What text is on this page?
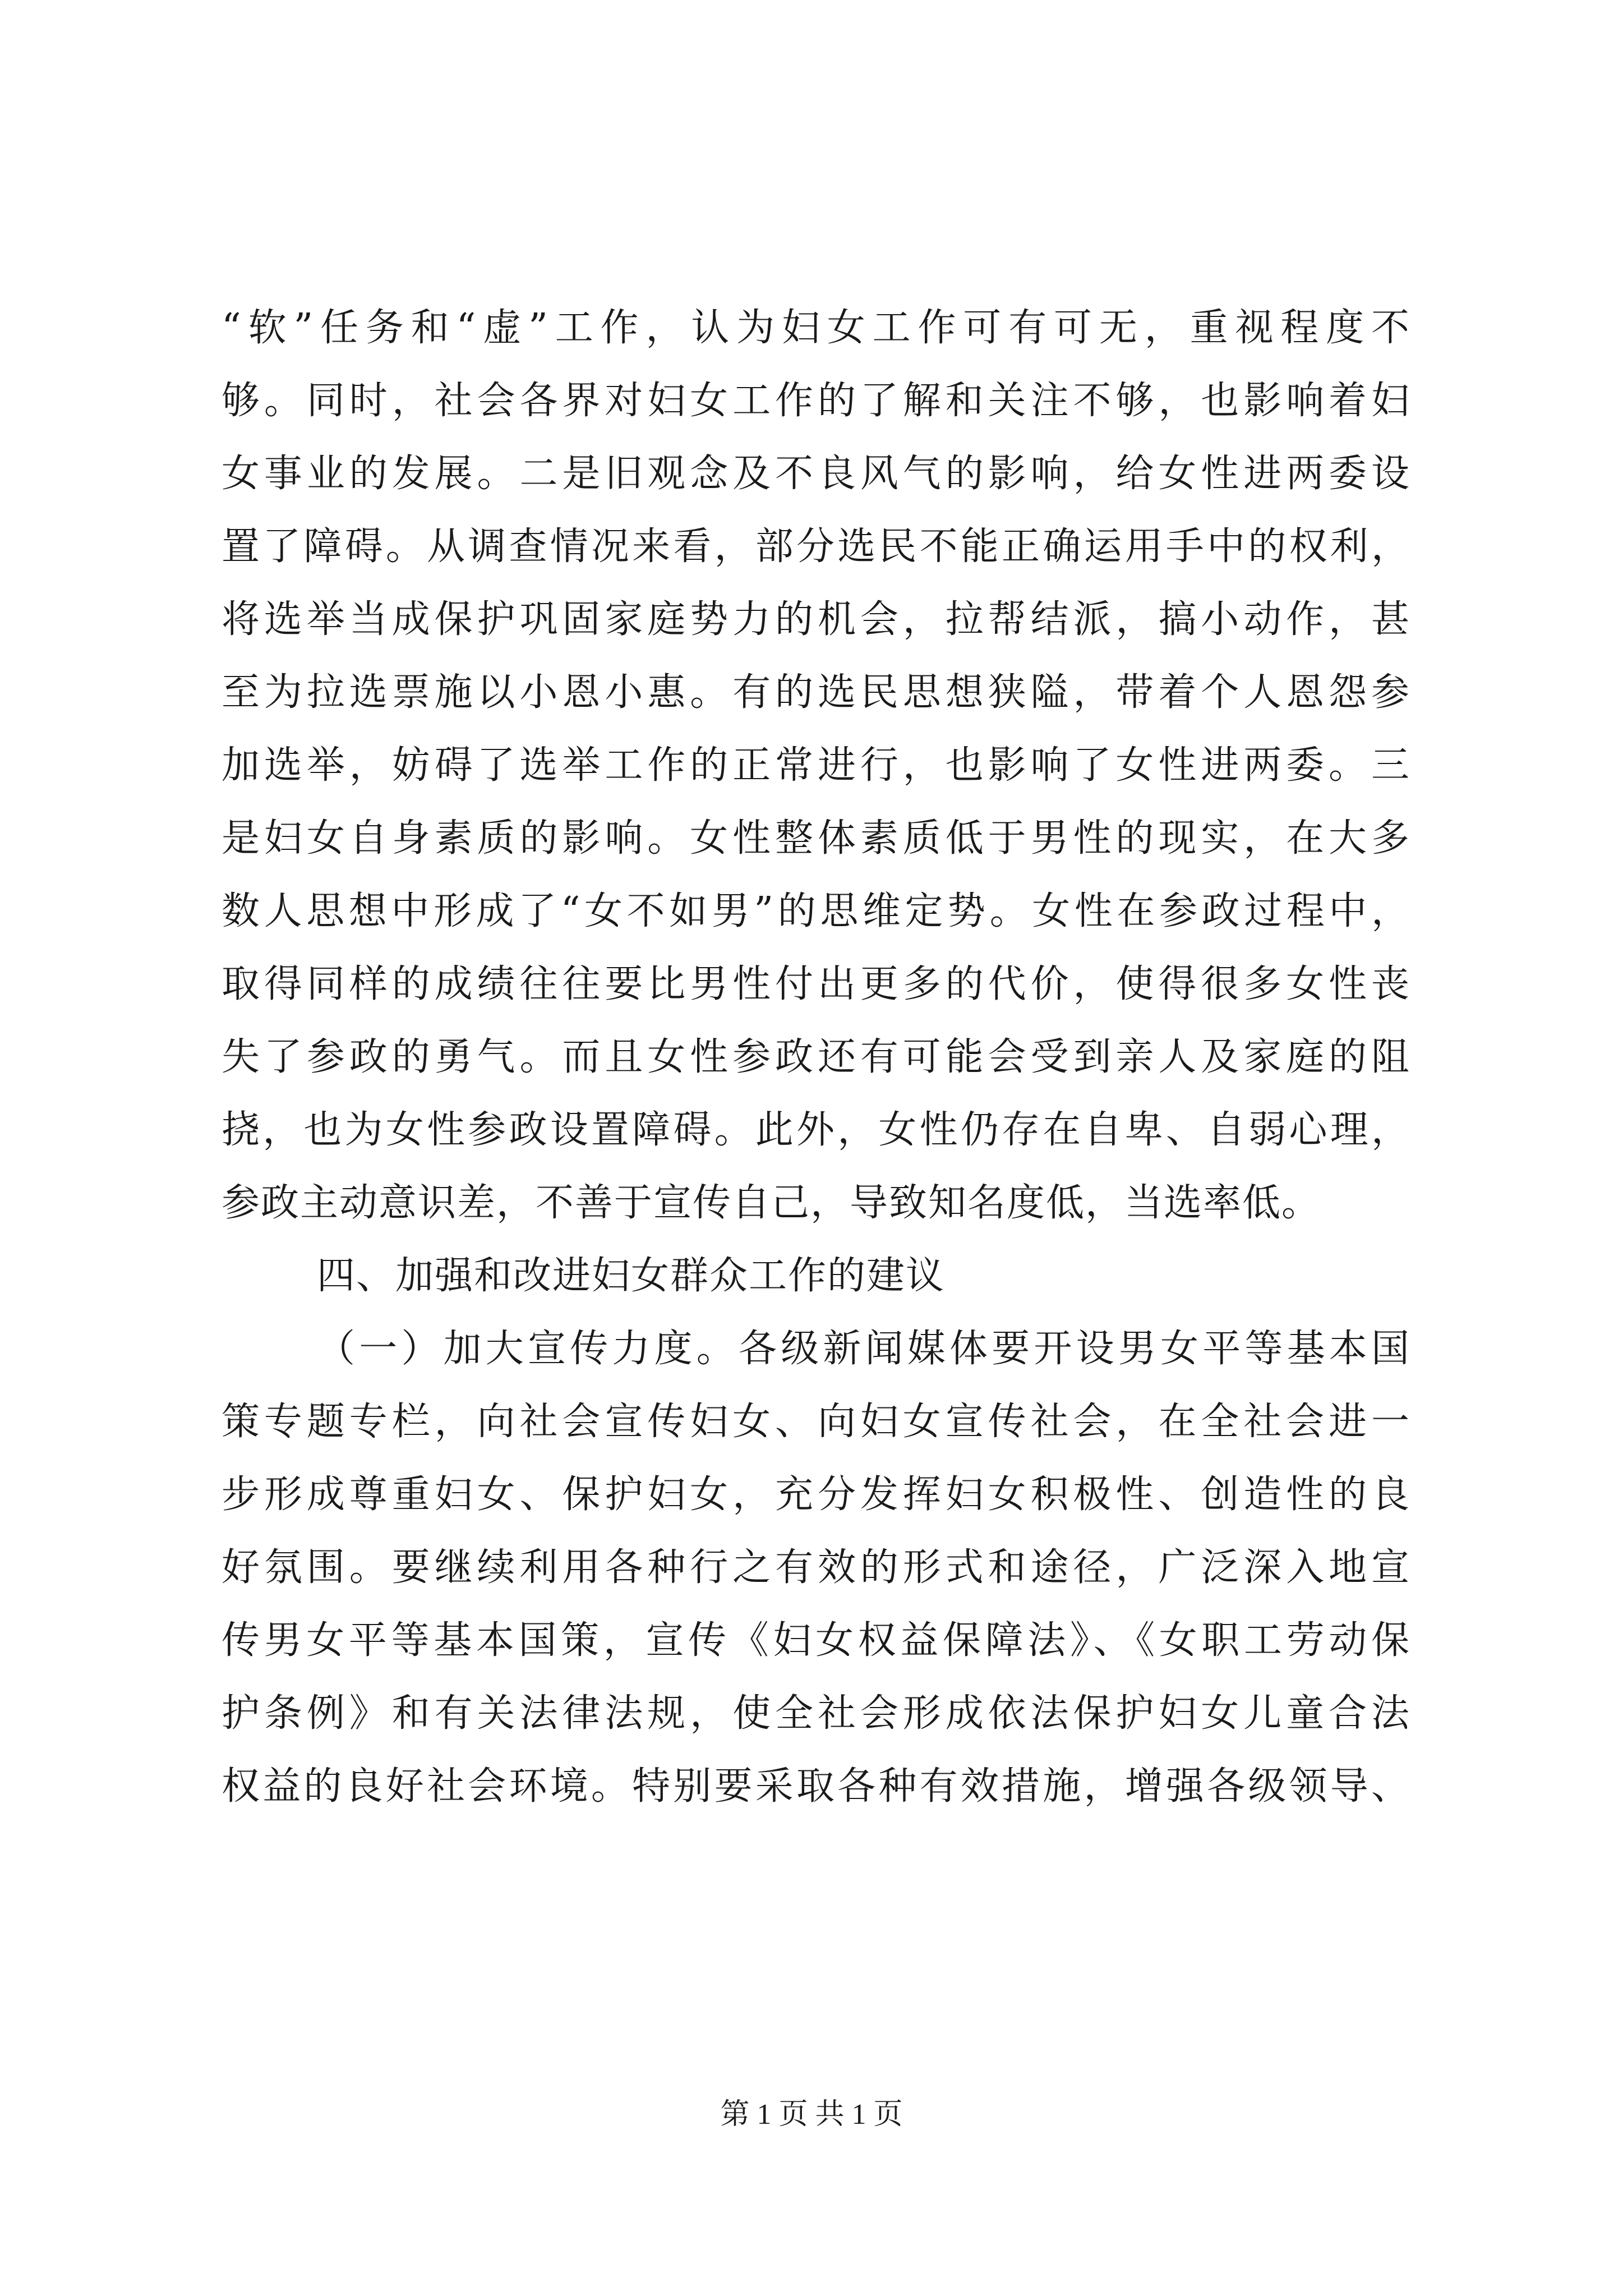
“软”任务和“虚”工作，认为妇女工作可有可无，重视程度不
够。同时，社会各界对妇女工作的了解和关注不够，也影响着妇
女事业的发展。二是旧观念及不良风气的影响，给女性进两委设
置了障碍。从调查情况来看，部分选民不能正确运用手中的权利，
将选举当成保护巩固家庭势力的机会，拉帮结派，搞小动作，甚
至为拉选票施以小恩小惠。有的选民思想狭隘，带着个人恩怨参
加选举，妨碍了选举工作的正常进行，也影响了女性进两委。三
是妇女自身素质的影响。女性整体素质低于男性的现实，在大多
数人思想中形成了“女不如男”的思维定势。女性在参政过程中，
取得同样的成绩往往要比男性付出更多的代价，使得很多女性丧
失了参政的勇气。而且女性参政还有可能会受到亲人及家庭的阻
挠，也为女性参政设置障碍。此外，女性仍存在自卑、自弱心理，
参政主动意识差，不善于宣传自己，导致知名度低，当选率低。
四、加强和改进妇女群众工作的建议
（一）加大宣传力度。各级新闻媒体要开设男女平等基本国
策专题专栏，向社会宣传妇女、向妇女宣传社会，在全社会进一
步形成尊重妇女、保护妇女，充分发挥妇女积极性、创造性的良
好氛围。要继续利用各种行之有效的形式和途径，广泛深入地宣
传男女平等基本国策，宣传《妇女权益保障法》、《女职工劳动保
护条例》和有关法律法规，使全社会形成依法保护妇女儿童合法
权益的良好社会环境。特别要采取各种有效措施，增强各级领导、
第 1 页 共 1 页
